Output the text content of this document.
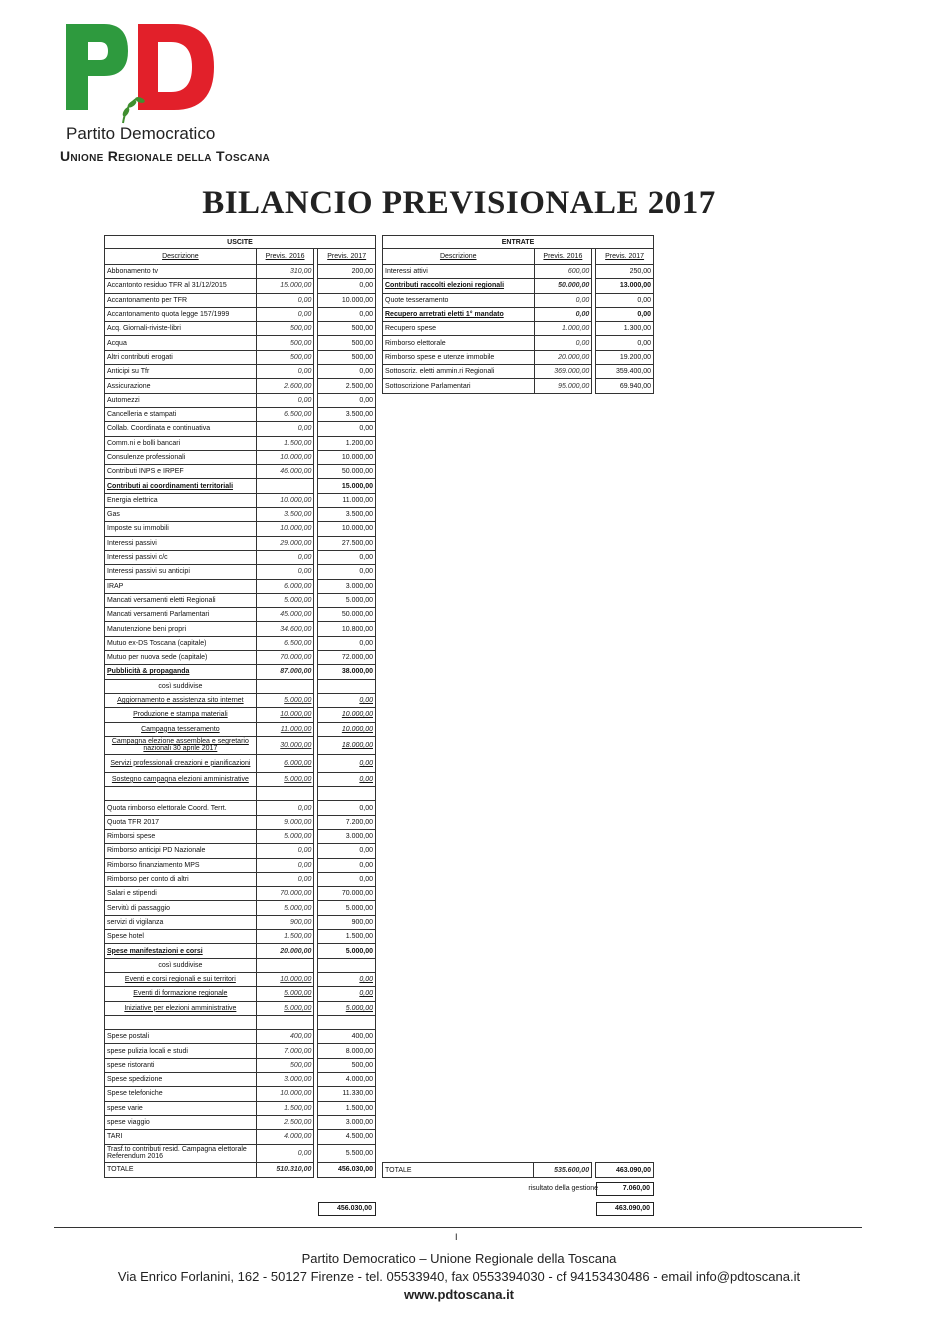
Partito Democratico
Unione Regionale della Toscana
BILANCIO PREVISIONALE 2017
USCITE			
Descrizione	Previs. 2016		Previs. 2017
Abbonamento tv	310,00		200,00
Accantonto residuo TFR al 31/12/2015	15.000,00		0,00
Accantonamento per TFR	0,00		10.000,00
Accantonamento quota legge 157/1999	0,00		0,00
Acq. Giornali-riviste-libri	500,00		500,00
Acqua	500,00		500,00
Altri contributi erogati	500,00		500,00
Anticipi su Tfr	0,00		0,00
Assicurazione	2.600,00		2.500,00
Automezzi	0,00		0,00
Cancelleria e stampati	6.500,00		3.500,00
Collab. Coordinata e continuativa	0,00		0,00
Comm.ni e bolli bancari	1.500,00		1.200,00
Consulenze professionali	10.000,00		10.000,00
Contributi INPS e IRPEF	46.000,00		50.000,00
Contributi ai coordinamenti territoriali			15.000,00
Energia elettrica	10.000,00		11.000,00
Gas	3.500,00		3.500,00
Imposte su immobili	10.000,00		10.000,00
Interessi passivi	29.000,00		27.500,00
Interessi passivi c/c	0,00		0,00
Interessi passivi su anticipi	0,00		0,00
IRAP	6.000,00		3.000,00
Mancati versamenti eletti Regionali	5.000,00		5.000,00
Mancati versamenti Parlamentari	45.000,00		50.000,00
Manutenzione beni propri	34.600,00		10.800,00
Mutuo ex-DS Toscana (capitale)	6.500,00		0,00
Mutuo per nuova sede (capitale)	70.000,00		72.000,00
Pubblicità & propaganda	87.000,00		38.000,00
così suddivise			
Aggiornamento e assistenza sito internet	5.000,00		0,00
Produzione e stampa materiali	10.000,00		10.000,00
Campagna tesseramento	11.000,00		10.000,00
Campagna elezione assemblea e segretario nazionali 30 aprile 2017	30.000,00		18.000,00
Servizi professionali creazioni e pianificazioni	6.000,00		0,00
Sostegno campagna elezioni amministrative	5.000,00		0,00

Quota rimborso elettorale Coord. Terrt.	0,00		0,00
Quota TFR 2017	9.000,00		7.200,00
Rimborsi spese	5.000,00		3.000,00
Rimborso anticipi PD Nazionale	0,00		0,00
Rimborso finanziamento MPS	0,00		0,00
Rimborso per conto di altri	0,00		0,00
Salari e stipendi	70.000,00		70.000,00
Servitù di passaggio	5.000,00		5.000,00
servizi di vigilanza	900,00		900,00
Spese hotel	1.500,00		1.500,00
Spese manifestazioni e corsi	20.000,00		5.000,00
così suddivise			
Eventi e corsi regionali e sui territori	10.000,00		0,00
Eventi di formazione regionale	5.000,00		0,00
Iniziative per elezioni amministrative	5.000,00		5.000,00

Spese postali	400,00		400,00
spese pulizia locali e studi	7.000,00		8.000,00
spese ristoranti	500,00		500,00
Spese spedizione	3.000,00		4.000,00
Spese telefoniche	10.000,00		11.330,00
spese varie	1.500,00		1.500,00
spese viaggio	2.500,00		3.000,00
TARI	4.000,00		4.500,00
Trasf.to contributi resid. Campagna elettorale Referendum 2016	0,00		5.500,00
TOTALE	510.310,00		456.030,00
ENTRATE			
Descrizione	Previs. 2016		Previs. 2017
Interessi attivi	600,00		250,00
Contributi raccolti elezioni regionali	50.000,00		13.000,00
Quote tesseramento	0,00		0,00
Recupero arretrati eletti 1° mandato	0,00		0,00
Recupero spese	1.000,00		1.300,00
Rimborso elettorale	0,00		0,00
Rimborso spese e utenze immobile	20.000,00		19.200,00
Sottoscriz. eletti ammin.ri Regionali	369.000,00		359.400,00
Sottoscrizione Parlamentari	95.000,00		69.940,00
TOTALE	535.600,00		463.090,00
risultato della gestione	7.060,00
456.030,00	463.090,00
I
Partito Democratico – Unione Regionale della Toscana
Via Enrico Forlanini, 162 - 50127 Firenze - tel. 05533940, fax 0553394030 - cf 94153430486 - email info@pdtoscana.it
www.pdtoscana.it
